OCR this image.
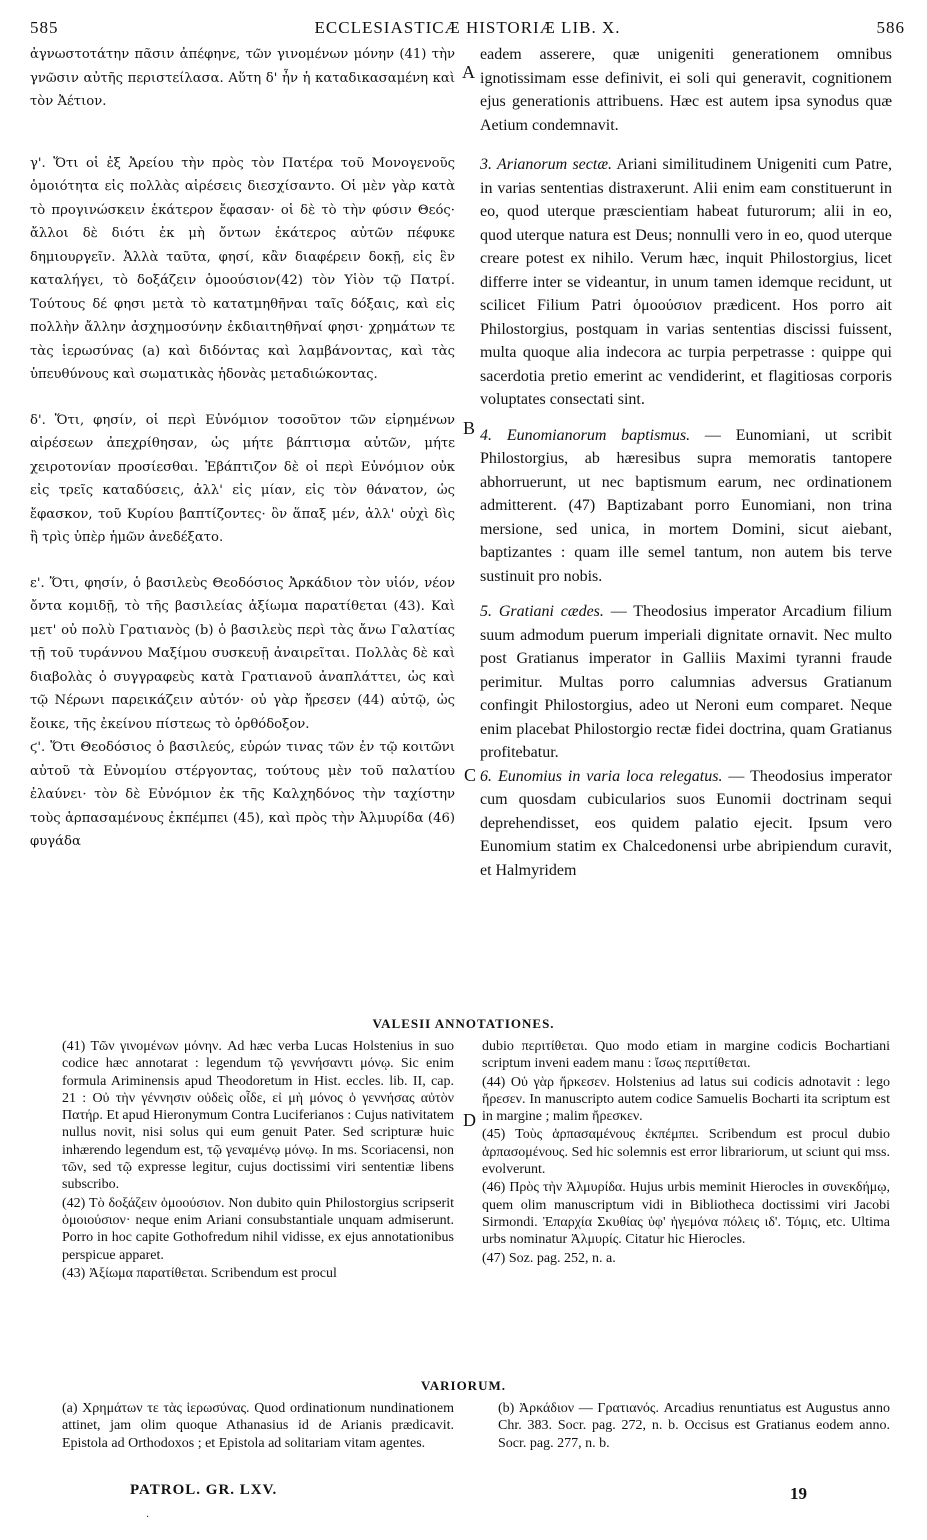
585	ECCLESIASTICÆ HISTORIÆ LIB. X.	586

ἀγνωστοτάτην πᾶσιν ἀπέφηνε, τῶν γινομένων μόνην (41) τὴν γνῶσιν αὐτῆς περιστείλασα. Αὕτη δ' ἦν ἡ καταδικασαμένη καὶ τὸν Ἀέτιον.

γ'. Ὅτι οἱ ἐξ Ἀρείου τὴν πρὸς τὸν Πατέρα τοῦ Μονογενοῦς ὁμοιότητα εἰς πολλὰς αἱρέσεις διεσχίσαντο. Οἱ μὲν γὰρ κατὰ τὸ προγινώσκειν ἑκάτερον ἔφασαν· οἱ δὲ τὸ τὴν φύσιν Θεός· ἄλλοι δὲ διότι ἐκ μὴ ὄντων ἑκάτερος αὐτῶν πέφυκε δημιουργεῖν. Ἀλλὰ ταῦτα, φησί, κἂν διαφέρειν δοκῇ, εἰς ἓν καταλήγει, τὸ δοξάζειν ὁμοούσιον(42) τὸν Υἱὸν τῷ Πατρί. Τούτους δέ φησι μετὰ τὸ κατατμηθῆναι ταῖς δόξαις, καὶ εἰς πολλὴν ἄλλην ἀσχημοσύνην ἐκδιαιτηθῆναί φησι· χρημάτων τε τὰς ἱερωσύνας (a) καὶ διδόντας καὶ λαμβάνοντας, καὶ τὰς ὑπευθύνους καὶ σωματικὰς ἡδονὰς μεταδιώκοντας.

δ'. Ὅτι, φησίν, οἱ περὶ Εὐνόμιον τοσοῦτον τῶν εἰρημένων αἱρέσεων ἀπεχρίθησαν, ὡς μήτε βάπτισμα αὐτῶν, μήτε χειροτονίαν προσίεσθαι. Ἐβάπτιζον δὲ οἱ περὶ Εὐνόμιον οὐκ εἰς τρεῖς καταδύσεις, ἀλλ' εἰς μίαν, εἰς τὸν θάνατον, ὡς ἔφασκον, τοῦ Κυρίου βαπτίζοντες· ὃν ἅπαξ μέν, ἀλλ' οὐχὶ δὶς ἢ τρὶς ὑπὲρ ἡμῶν ἀνεδέξατο.

ε'. Ὅτι, φησίν, ὁ βασιλεὺς Θεοδόσιος Ἀρκάδιον τὸν υἱόν, νέον ὄντα κομιδῇ, τὸ τῆς βασιλείας ἀξίωμα παρατίθεται (43). Καὶ μετ' οὐ πολὺ Γρατιανὸς (b) ὁ βασιλεὺς περὶ τὰς ἄνω Γαλατίας τῇ τοῦ τυράννου Μαξίμου συσκευῇ ἀναιρεῖται. Πολλὰς δὲ καὶ διαβολὰς ὁ συγγραφεὺς κατὰ Γρατιανοῦ ἀναπλάττει, ὡς καὶ τῷ Νέρωνι παρεικάζειν αὐτόν· οὐ γὰρ ἤρεσεν (44) αὐτῷ, ὡς ἔοικε, τῆς ἐκείνου πίστεως τὸ ὀρθόδοξον.

ϛ'. Ὅτι Θεοδόσιος ὁ βασιλεύς, εὑρών τινας τῶν ἐν τῷ κοιτῶνι αὐτοῦ τὰ Εὐνομίου στέργοντας, τούτους μὲν τοῦ παλατίου ἐλαύνει· τὸν δὲ Εὐνόμιον ἐκ τῆς Καλχηδόνος τὴν ταχίστην τοὺς ἁρπασαμένους ἐκπέμπει (45), καὶ πρὸς τὴν Ἀλμυρίδα (46) φυγάδα

A
B
C
D

eadem asserere, quæ unigeniti generationem omnibus ignotissimam esse definivit, ei soli qui generavit, cognitionem ejus generationis attribuens. Hæc est autem ipsa synodus quæ Aetium condemnavit.

3. Arianorum sectæ. Ariani similitudinem Unigeniti cum Patre, in varias sententias distraxerunt. Alii enim eam constituerunt in eo, quod uterque præscientiam habeat futurorum; alii in eo, quod uterque natura est Deus; nonnulli vero in eo, quod uterque creare potest ex nihilo. Verum hæc, inquit Philostorgius, licet differre inter se videantur, in unum tamen idemque recidunt, ut scilicet Filium Patri ὁμοούσιον prædicent. Hos porro ait Philostorgius, postquam in varias sententias discissi fuissent, multa quoque alia indecora ac turpia perpetrasse : quippe qui sacerdotia pretio emerint ac vendiderint, et flagitiosas corporis voluptates consectati sint.

4. Eunomianorum baptismus. — Eunomiani, ut scribit Philostorgius, ab hæresibus supra memoratis tantopere abhorruerunt, ut nec baptismum earum, nec ordinationem admitterent. (47) Baptizabant porro Eunomiani, non trina mersione, sed unica, in mortem Domini, sicut aiebant, baptizantes : quam ille semel tantum, non autem bis terve sustinuit pro nobis.

5. Gratiani cædes. — Theodosius imperator Arcadium filium suum admodum puerum imperiali dignitate ornavit. Nec multo post Gratianus imperator in Galliis Maximi tyranni fraude perimitur. Multas porro calumnias adversus Gratianum confingit Philostorgius, adeo ut Neroni eum comparet. Neque enim placebat Philostorgio rectæ fidei doctrina, quam Gratianus profitebatur.

6. Eunomius in varia loca relegatus. — Theodosius imperator cum quosdam cubicularios suos Eunomii doctrinam sequi deprehendisset, eos quidem palatio ejecit. Ipsum vero Eunomium statim ex Chalcedonensi urbe abripiendum curavit, et Halmyridem

VALESII ANNOTATIONES.

(41) Τῶν γινομένων μόνην. Ad hæc verba Lucas Holstenius in suo codice hæc annotarat : legendum τῷ γεννήσαντι μόνῳ. Sic enim formula Ariminensis apud Theodoretum in Hist. eccles. lib. II, cap. 21 : Οὐ τὴν γέννησιν οὐδεὶς οἶδε, εἰ μὴ μόνος ὁ γεννήσας αὐτὸν Πατήρ. Et apud Hieronymum Contra Luciferianos : Cujus nativitatem nullus novit, nisi solus qui eum genuit Pater. Sed scripturæ huic inhærendo legendum est, τῷ γεναμένῳ μόνῳ. In ms. Scoriacensi, non τῶν, sed τῷ expresse legitur, cujus doctissimi viri sententiæ libens subscribo.

(42) Τὸ δοξάζειν ὁμοούσιον. Non dubito quin Philostorgius scripserit ὁμοιούσιον· neque enim Ariani consubstantiale unquam admiserunt. Porro in hoc capite Gothofredum nihil vidisse, ex ejus annotationibus perspicue apparet.

(43) Ἀξίωμα παρατίθεται. Scribendum est procul

dubio περιτίθεται. Quo modo etiam in margine codicis Bochartiani scriptum inveni eadem manu : ἴσως περιτίθεται.

(44) Οὐ γὰρ ἤρκεσεν. Holstenius ad latus sui codicis adnotavit : lego ἤρεσεν. In manuscripto autem codice Samuelis Bocharti ita scriptum est in margine ; malim ἤρεσκεν.

(45) Τοὺς ἁρπασαμένους ἐκπέμπει. Scribendum est procul dubio ἁρπασομένους. Sed hic solemnis est error librariorum, ut sciunt qui mss. evolverunt.

(46) Πρὸς τὴν Ἀλμυρίδα. Hujus urbis meminit Hierocles in συνεκδήμῳ, quem olim manuscriptum vidi in Bibliotheca doctissimi viri Jacobi Sirmondi. Ἐπαρχία Σκυθίας ὑφ' ἡγεμόνα πόλεις ιδ'. Τόμις, etc. Ultima urbs nominatur Ἀλμυρίς. Citatur hic Hierocles.

(47) Soz. pag. 252, n. a.

VARIORUM.
(a) Χρημάτων τε τὰς ἱερωσύνας. Quod ordinationum nundinationem attinet, jam olim quoque Athanasius id de Arianis prædicavit. Epistola ad Orthodoxos ; et Epistola ad solitariam vitam agentes.
(b) Ἀρκάδιον — Γρατιανός. Arcadius renuntiatus est Augustus anno Chr. 383. Socr. pag. 272, n. b. Occisus est Gratianus eodem anno. Socr. pag. 277, n. b.
PATROL. GR. LXV.	19
·
